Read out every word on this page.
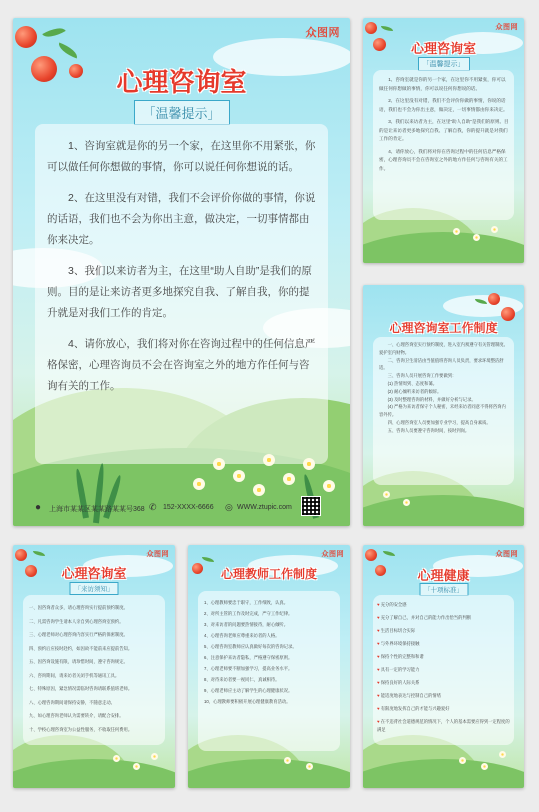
众图网
心理咨询室
「温馨提示」

1、咨询室就是你的另一个家，在这里你不用紧张，你可以做任何你想做的事情，你可以说任何你想说的话。

2、在这里没有对错，我们不会评价你做的事情，你说的话语，我们也不会为你出主意，做决定，一切事情都由你来决定。

3、我们以来访者为主，在这里“助人自助”是我们的原则。目的是让来访者更多地探究自我、了解自我，你的提升就是对我们工作的肯定。

4、请你放心，我们将对你在咨询过程中的任何信息严格保密，心理咨询员不会在咨询室之外的地方作任何与咨询有关的工作。

● 上海市某某区某某路某某号368 ✆ 152-XXXX-6666 ◎ WWW.ztupic.com
众图网
心理咨询室
「温馨提示」

1、咨询室就是你的另一个家，在这里你不用紧张，你可以做任何你想做的事情，你可以说任何你想说的话。

2、在这里没有对错，我们不会评价你做的事情，你说的话语，我们也不会为你出主意，做决定，一切事情都由你来决定。

3、我们以来访者为主，在这里“助人自助”是我们的原则。目的是让来访者更多地探究自我、了解自我，你的提升就是对我们工作的肯定。

4、请你放心，我们将对你在咨询过程中的任何信息严格保密，心理咨询员不会在咨询室之外的地方作任何与咨询有关的工作。

心理咨询室工作制度

一、心理咨询室实行预约制度，进入室内须遵守有关管理制度。爱护室内财物。

二、咨询卫生清洁由当值值班咨询人员负责，要求环境整洁舒适。

三、咨询人员开展咨询工作要做到：

(1) 热情周到、态度和蔼。

(2) 耐心倾听来访者的倾诉。

(3) 及时整理咨询的材料，并做好分析与记录。

(4) 严格为来访者保守个人秘密，未经来访者同意不得将咨询内容外传。

四、心理咨询室人员要加强专业学习，提高自身素质。

五、咨询人员要遵守咨询时间，按时到岗。

众图网
心理咨询室
「来访须知」

一、因咨询者众多，请心理咨询实行提前预约制度。

二、凡需咨询学生请本人亲自到心理咨询室预约。

三、心理老师对心理咨询内容实行严格的保密制度。

四、预约后应按时赴约，如因故不能前来应提前告知。

五、因咨询设施有限，请珍惜时间，遵守咨询规定。

六、咨询期间，请来访者关闭手机等通讯工具。

七、特殊原因，紧急情况需临时咨询请联系值班老师。

八、心理咨询期间请保持安静，不随意走动。

九、如心理咨询老师认为需要转介，请配合安排。

十、学校心理咨询室为公益性服务，不收取任何费用。

众图网
心理教师工作制度

1、心理教师要忠于职守，工作细致，认真。

2、对所主管的工作及时完成，严守工作纪律。

3、对来访者的问题要热情接待，耐心倾听。

4、心理咨询老师应尊重来访者的人格。

5、心理咨询室教师应认真做好每次的咨询记录。

6、注意保护来访者隐私，严格遵守保密原则。

7、心理老师要不断加强学习，提高业务水平。

8、对待来访者要一视同仁，真诚相待。

9、心理老师应主动了解学生的心理健康状况。

10、心理教师要积极开展心理健康教育活动。

众图网
心理健康
「十项标准」

♥ 充分的安全感

♥ 充分了解自己，并对自己的能力作出恰当的判断

♥ 生活目标切合实际

♥ 与外界环境保持接触

♥ 保持个性的完整和和谐

♥ 具有一定的学习能力

♥ 保持良好的人际关系

♥ 能适度地表达与控制自己的情绪

♥ 有限度地发挥自己的才能与兴趣爱好

♥ 在不违背社会道德规范的情况下，个人的基本需要应得到一定程度的满足
